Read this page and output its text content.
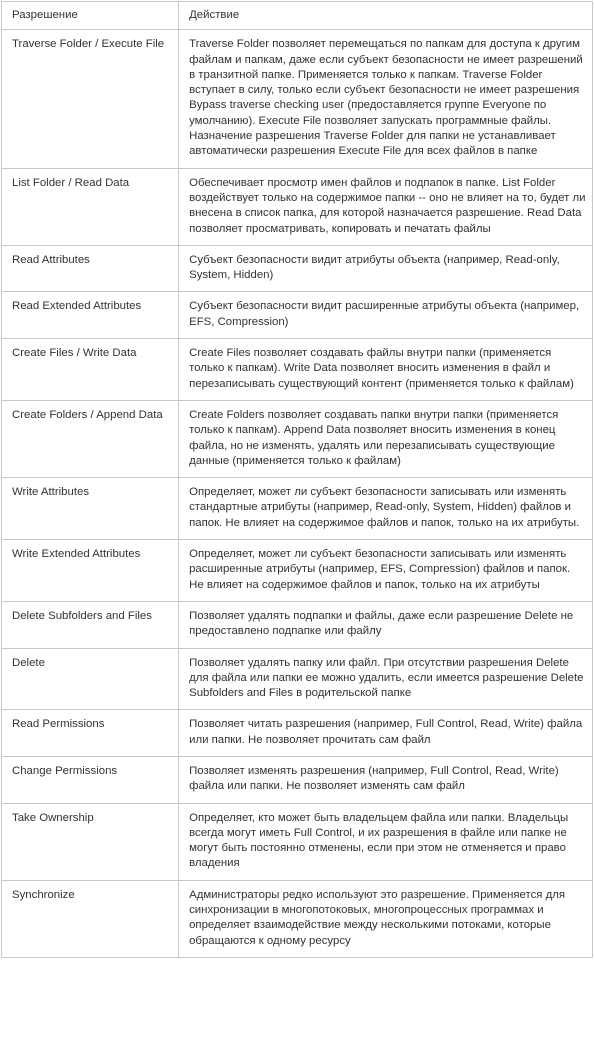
Разрешение	Действие
Traverse Folder / Execute File	Traverse Folder позволяет перемещаться по папкам для доступа к другим файлам и папкам, даже если субъект безопасности не имеет разрешений в транзитной папке. Применяется только к папкам. Traverse Folder вступает в силу, только если субъект безопасности не имеет разрешения Bypass traverse checking user (предоставляется группе Everyone по умолчанию). Execute File позволяет запускать программные файлы. Назначение разрешения Traverse Folder для папки не устанавливает автоматически разрешения Execute File для всех файлов в папке
List Folder / Read Data	Обеспечивает просмотр имен файлов и подпапок в папке. List Folder воздействует только на содержимое папки -- оно не влияет на то, будет ли внесена в список папка, для которой назначается разрешение. Read Data позволяет просматривать, копировать и печатать файлы
Read Attributes	Субъект безопасности видит атрибуты объекта (например, Read-only, System, Hidden)
Read Extended Attributes	Субъект безопасности видит расширенные атрибуты объекта (например, EFS, Compression)
Create Files / Write Data	Create Files позволяет создавать файлы внутри папки (применяется только к папкам). Write Data позволяет вносить изменения в файл и перезаписывать существующий контент (применяется только к файлам)
Create Folders / Append Data	Create Folders позволяет создавать папки внутри папки (применяется только к папкам). Append Data позволяет вносить изменения в конец файла, но не изменять, удалять или перезаписывать существующие данные (применяется только к файлам)
Write Attributes	Определяет, может ли субъект безопасности записывать или изменять стандартные атрибуты (например, Read-only, System, Hidden) файлов и папок. Не влияет на содержимое файлов и папок, только на их атрибуты.
Write Extended Attributes	Определяет, может ли субъект безопасности записывать или изменять расширенные атрибуты (например, EFS, Compression) файлов и папок. Не влияет на содержимое файлов и папок, только на их атрибуты
Delete Subfolders and Files	Позволяет удалять подпапки и файлы, даже если разрешение Delete не предоставлено подпапке или файлу
Delete	Позволяет удалять папку или файл. При отсутствии разрешения Delete для файла или папки ее можно удалить, если имеется разрешение Delete Subfolders and Files в родительской папке
Read Permissions	Позволяет читать разрешения (например, Full Control, Read, Write) файла или папки. Не позволяет прочитать сам файл
Change Permissions	Позволяет изменять разрешения (например, Full Control, Read, Write) файла или папки. Не позволяет изменять сам файл
Take Ownership	Определяет, кто может быть владельцем файла или папки. Владельцы всегда могут иметь Full Control, и их разрешения в файле или папке не могут быть постоянно отменены, если при этом не отменяется и право владения
Synchronize	Администраторы редко используют это разрешение. Применяется для синхронизации в многопотоковых, многопроцессных программах и определяет взаимодействие между несколькими потоками, которые обращаются к одному ресурсу
